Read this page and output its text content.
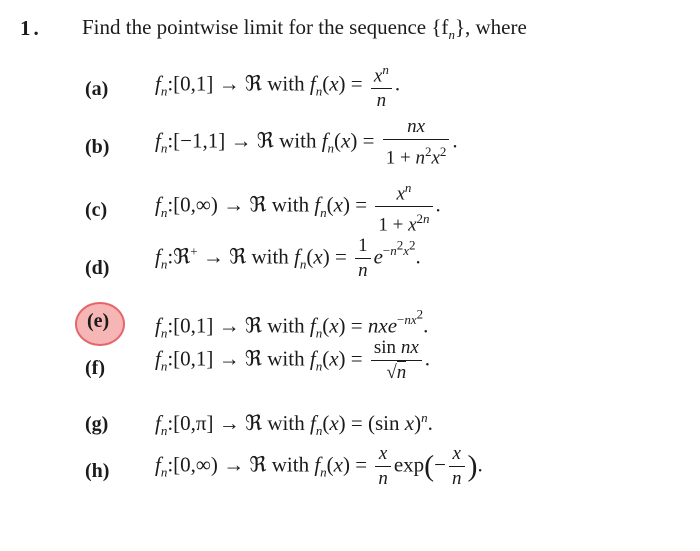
1. Find the pointwise limit for the sequence $\{f_n\}$, where
(a) $f_n:[0,1]$ → ℜ with $f_n(x) = \frac{x^n}{n}$ .
(b) $f_n:[-1,1]$ → ℜ with $f_n(x) = \frac{nx}{1 + n^2x^2}$ .
(c) $f_n:[0,\infty)$ → ℜ with $f_n(x) = \frac{x^n}{1 + x^{2n}}$ .
(d) $f_n:ℜ^+$ → ℜ with $f_n(x) = \frac{1}{n} e^{-n^2x^2}$.
(e) $f_n:[0,1]$ → ℜ with $f_n(x) = nxe^{-nx^2}$.
(f) $f_n:[0,1]$ → ℜ with $f_n(x) = \frac{\text{sin nx}}{√n}$ .
(g) $f_n:[0,\pi]$ → ℜ with $f_n(x) = (\sin$ x)$^n$.
(h) $f_n:[0,\infty)$ → ℜ with $f_n(x) = \frac{x}{n} \exp(- \frac{x}{n}$ ).
